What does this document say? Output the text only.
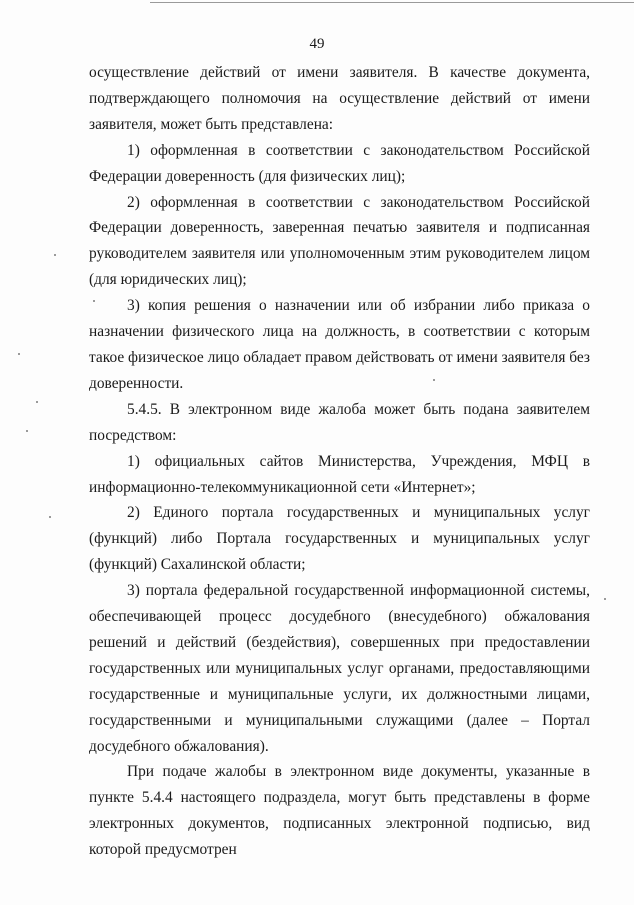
49

осуществление действий от имени заявителя. В качестве документа, подтверждающего полномочия на осуществление действий от имени заявителя, может быть представлена:

1) оформленная в соответствии с законодательством Российской Федерации доверенность (для физических лиц);

2) оформленная в соответствии с законодательством Российской Федерации доверенность, заверенная печатью заявителя и подписанная руководителем заявителя или уполномоченным этим руководителем лицом (для юридических лиц);

3) копия решения о назначении или об избрании либо приказа о назначении физического лица на должность, в соответствии с которым такое физическое лицо обладает правом действовать от имени заявителя без доверенности.

5.4.5. В электронном виде жалоба может быть подана заявителем посредством:

1) официальных сайтов Министерства, Учреждения, МФЦ в информационно-телекоммуникационной сети «Интернет»;

2) Единого портала государственных и муниципальных услуг (функций) либо Портала государственных и муниципальных услуг (функций) Сахалинской области;

3) портала федеральной государственной информационной системы, обеспечивающей процесс досудебного (внесудебного) обжалования решений и действий (бездействия), совершенных при предоставлении государственных или муниципальных услуг органами, предоставляющими государственные и муниципальные услуги, их должностными лицами, государственными и муниципальными служащими (далее – Портал досудебного обжалования).

При подаче жалобы в электронном виде документы, указанные в пункте 5.4.4 настоящего подраздела, могут быть представлены в форме электронных документов, подписанных электронной подписью, вид которой предусмотрен
